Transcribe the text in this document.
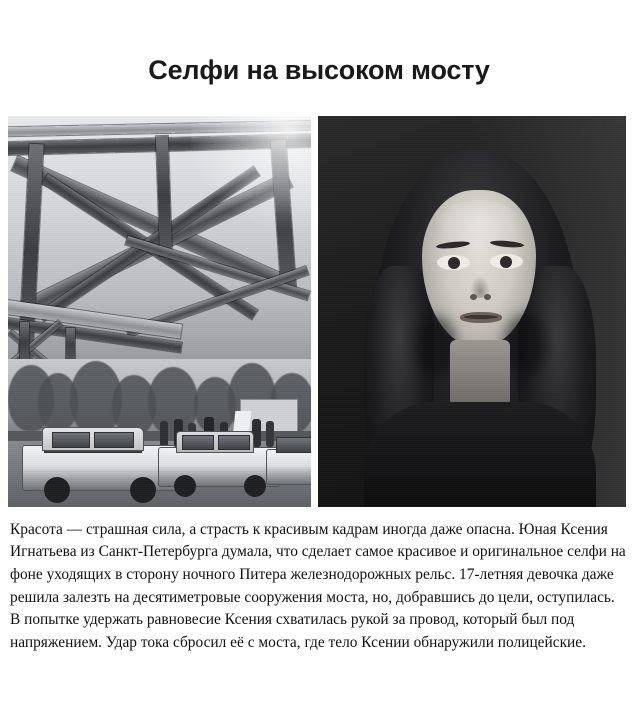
Селфи на высоком мосту

Красота — страшная сила, а страсть к красивым кадрам иногда даже опасна. Юная Ксения Игнатьева из Санкт-Петербурга думала, что сделает самое красивое и оригинальное селфи на фоне уходящих в сторону ночного Питера железнодорожных рельс. 17-летняя девочка даже решила залезть на десятиметровые сооружения моста, но, добравшись до цели, оступилась. В попытке удержать равновесие Ксения схватилась рукой за провод, который был под напряжением. Удар тока сбросил её с моста, где тело Ксении обнаружили полицейские.
